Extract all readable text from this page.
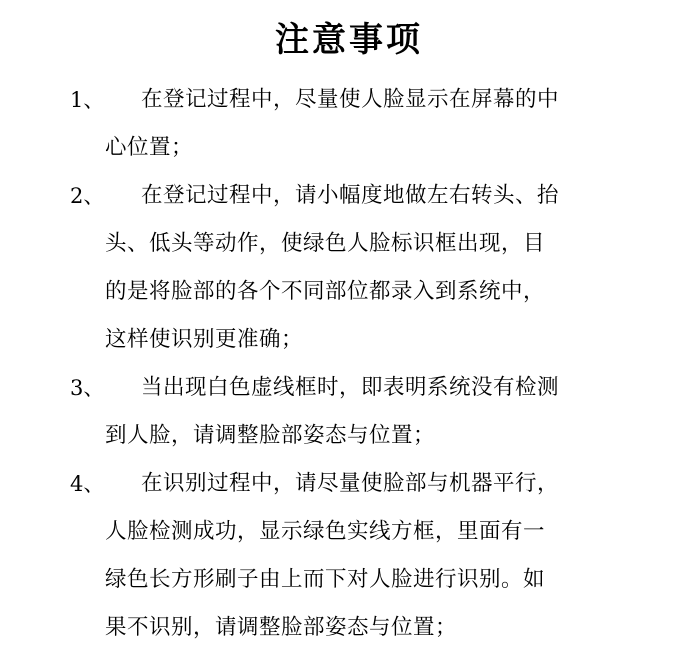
注意事项
1、 在登记过程中，尽量使人脸显示在屏幕的中
心位置；
2、 在登记过程中，请小幅度地做左右转头、抬
头、低头等动作，使绿色人脸标识框出现，目
的是将脸部的各个不同部位都录入到系统中，
这样使识别更准确；
3、 当出现白色虚线框时，即表明系统没有检测
到人脸，请调整脸部姿态与位置；
4、 在识别过程中，请尽量使脸部与机器平行，
人脸检测成功，显示绿色实线方框，里面有一
绿色长方形刷子由上而下对人脸进行识别。如
果不识别，请调整脸部姿态与位置；
